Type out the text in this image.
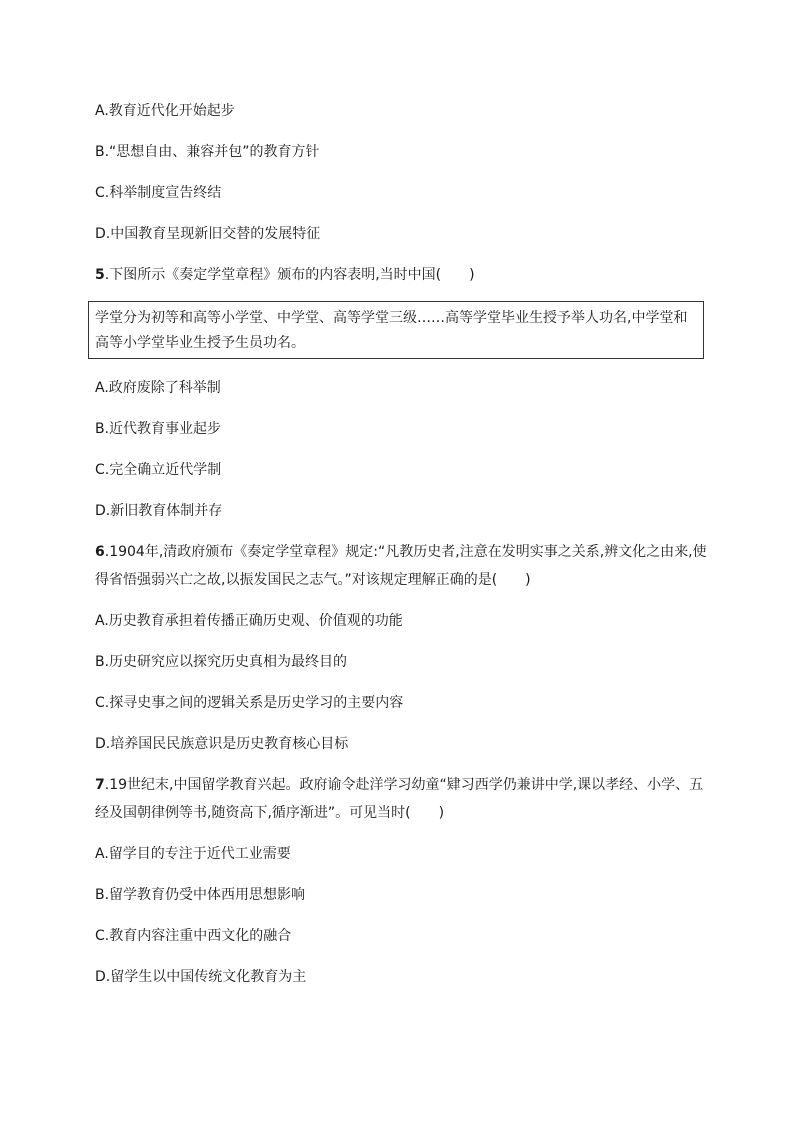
A.教育近代化开始起步
B.“思想自由、兼容并包”的教育方针
C.科举制度宣告终结
D.中国教育呈现新旧交替的发展特征
5.下图所示《奏定学堂章程》颁布的内容表明,当时中国(　　)
学堂分为初等和高等小学堂、中学堂、高等学堂三级……高等学堂毕业生授予举人功名,中学堂和
高等小学堂毕业生授予生员功名。
A.政府废除了科举制
B.近代教育事业起步
C.完全确立近代学制
D.新旧教育体制并存
6.1904年,清政府颁布《奏定学堂章程》规定:“凡教历史者,注意在发明实事之关系,辨文化之由来,使
得省悟强弱兴亡之故,以振发国民之志气。”对该规定理解正确的是(　　)
A.历史教育承担着传播正确历史观、价值观的功能
B.历史研究应以探究历史真相为最终目的
C.探寻史事之间的逻辑关系是历史学习的主要内容
D.培养国民民族意识是历史教育核心目标
7.19世纪末,中国留学教育兴起。政府谕令赴洋学习幼童“肄习西学仍兼讲中学,课以孝经、小学、五
经及国朝律例等书,随资高下,循序渐进”。可见当时(　　)
A.留学目的专注于近代工业需要
B.留学教育仍受中体西用思想影响
C.教育内容注重中西文化的融合
D.留学生以中国传统文化教育为主
